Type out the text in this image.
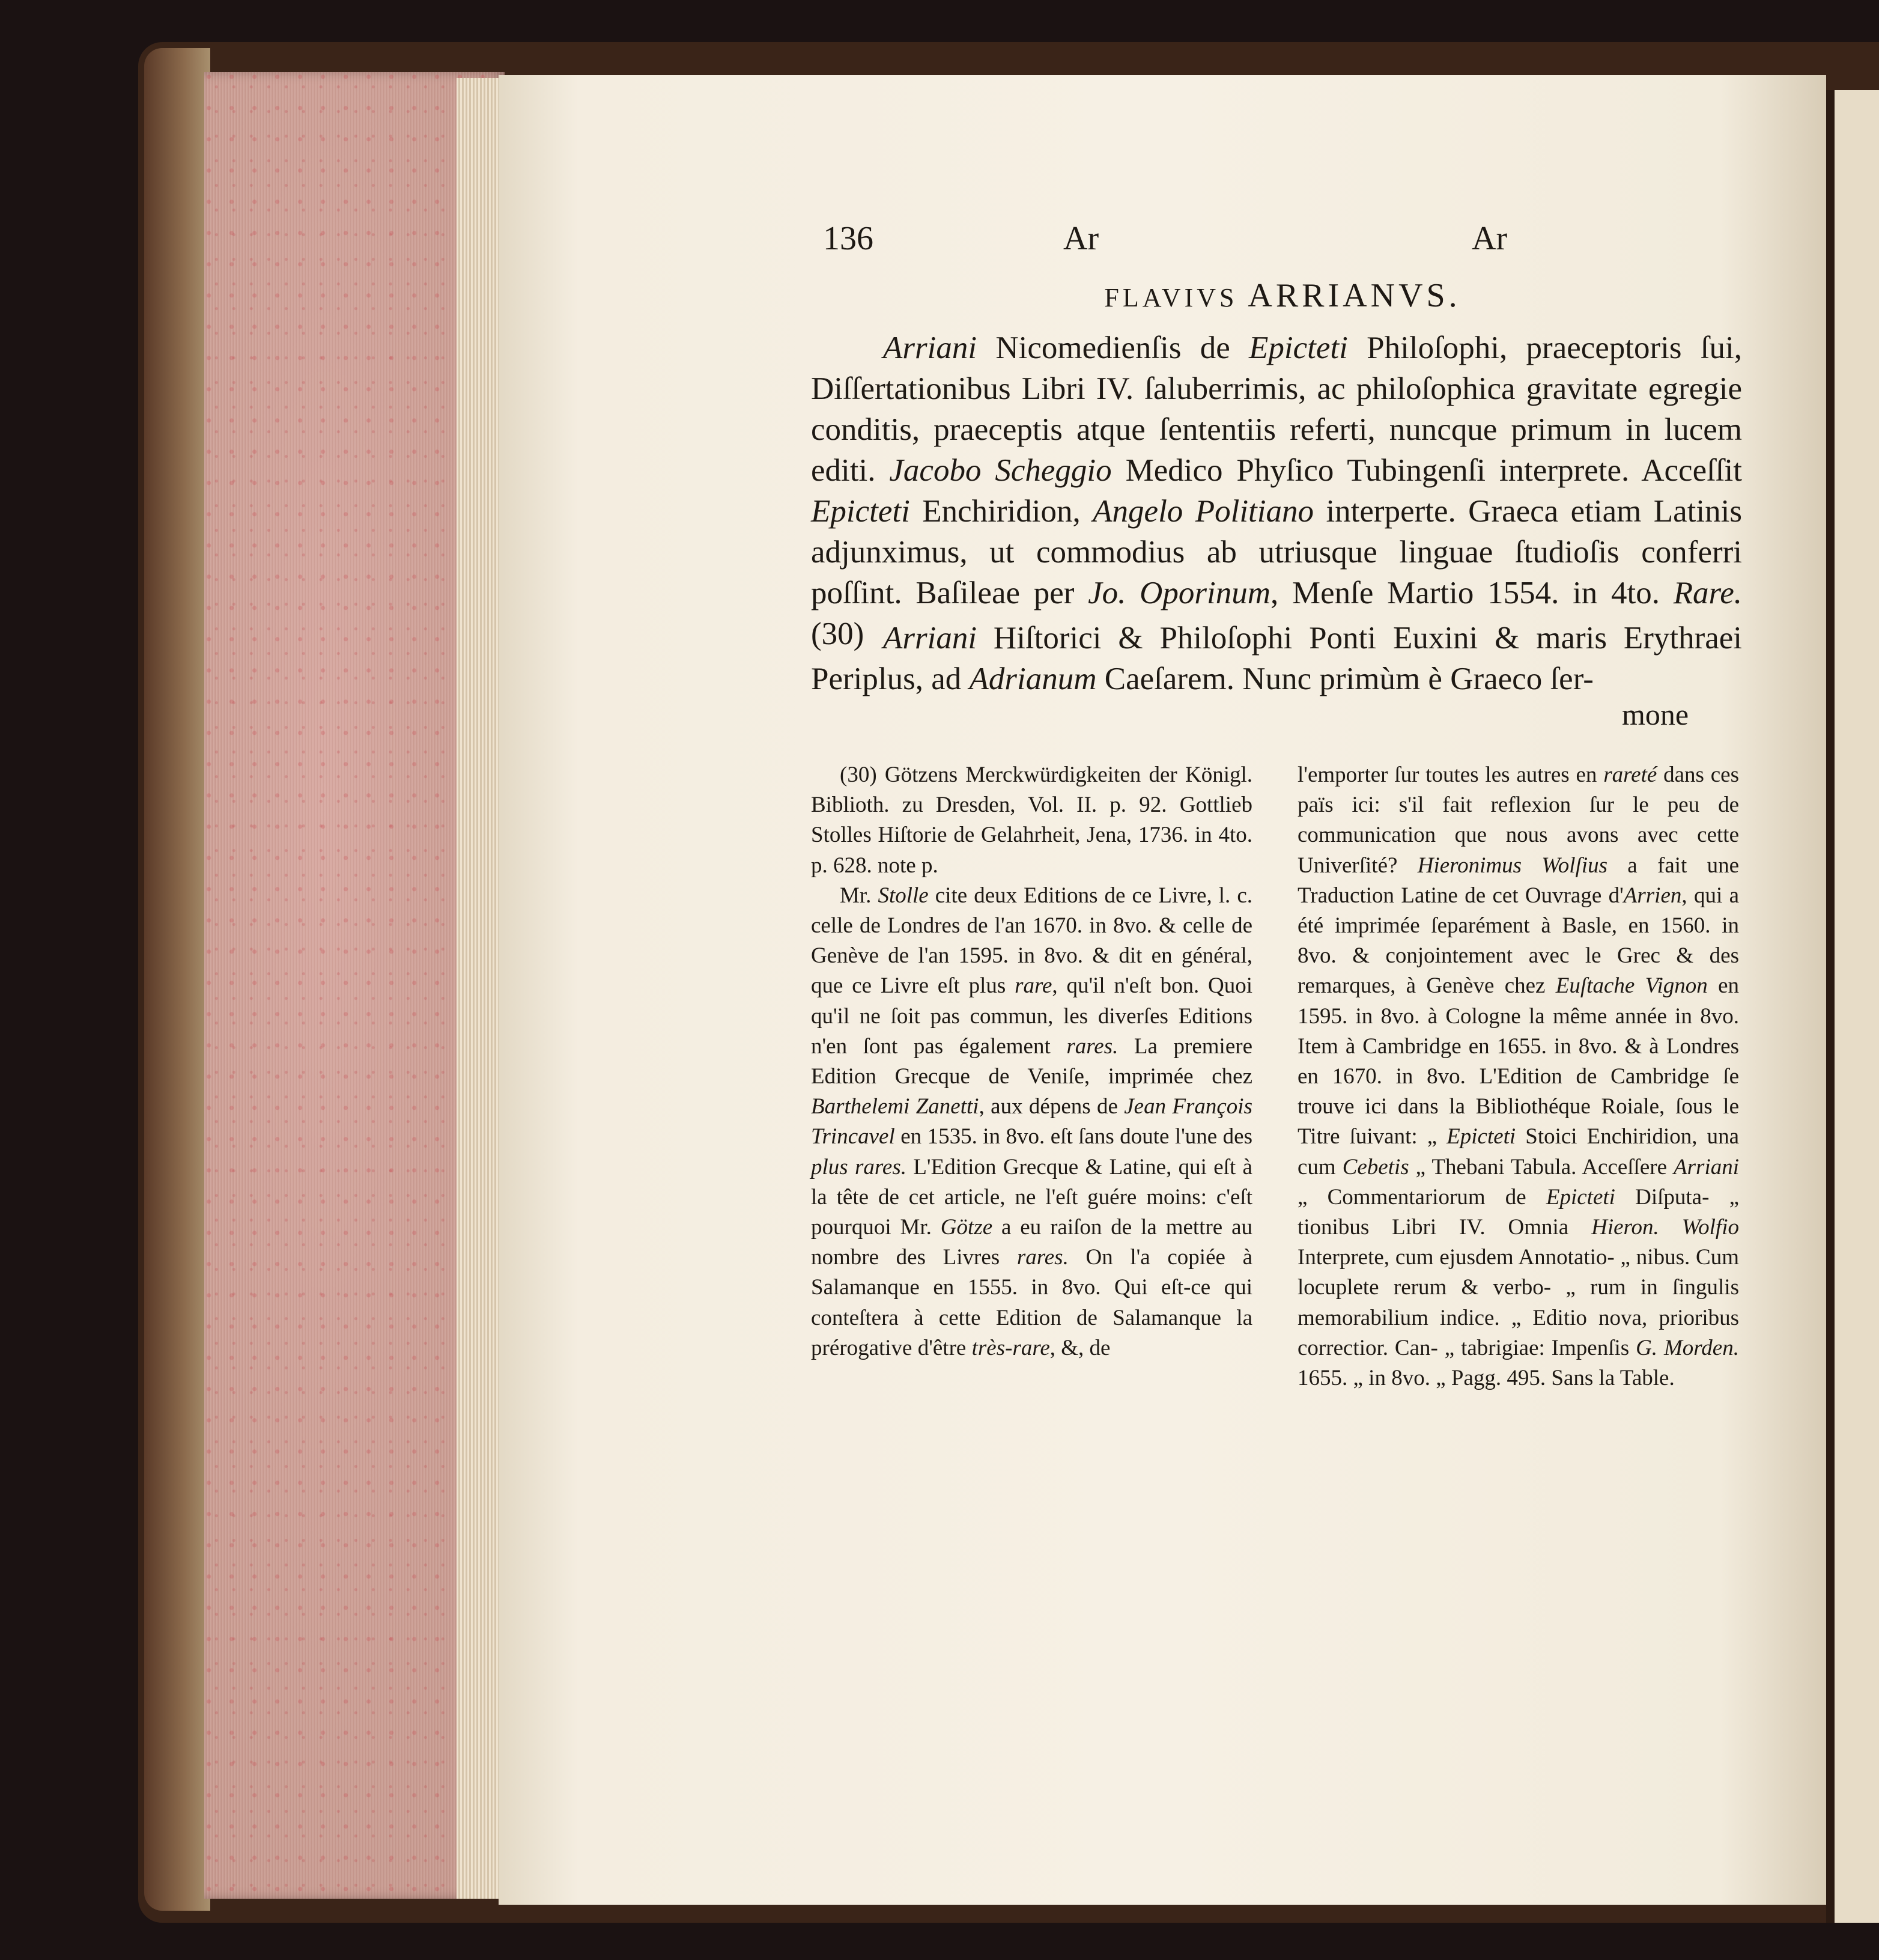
136	Ar	Ar
FLAVIVS ARRIANVS.
Arriani Nicomedienſis de Epicteti Philoſophi, praeceptoris ſui, Diſſertationibus Libri IV. ſaluberrimis, ac philoſophica gravitate egregie conditis, praeceptis atque ſententiis referti, nuncque primum in lucem editi. Jacobo Scheggio Medico Phyſico Tubingenſi interprete. Acceſſit Epicteti Enchiridion, Angelo Politiano interperte. Graeca etiam Latinis adjunximus, ut commodius ab utriusque linguae ſtudioſis conferri poſſint. Baſileae per Jo. Oporinum, Menſe Martio 1554. in 4to. Rare. (30) Arriani Hiſtorici & Philoſophi Ponti Euxini & maris Erythraei Periplus, ad Adrianum Caeſarem. Nunc primùm è Graeco ſer-
mone

(30) Götzens Merckwürdigkeiten der Königl. Biblioth. zu Dresden, Vol. II. p. 92. Gottlieb Stolles Hiſtorie de Gelahrheit, Jena, 1736. in 4to. p. 628. note p.

Mr. Stolle cite deux Editions de ce Livre, l. c. celle de Londres de l'an 1670. in 8vo. & celle de Genève de l'an 1595. in 8vo. & dit en général, que ce Livre eſt plus rare, qu'il n'eſt bon. Quoi qu'il ne ſoit pas commun, les diverſes Editions n'en ſont pas également rares. La premiere Edition Grecque de Veniſe, imprimée chez Barthelemi Zanetti, aux dépens de Jean François Trincavel en 1535. in 8vo. eſt ſans doute l'une des plus rares. L'Edition Grecque & Latine, qui eſt à la tête de cet article, ne l'eſt guére moins: c'eſt pourquoi Mr. Götze a eu raiſon de la mettre au nombre des Livres rares. On l'a copiée à Salamanque en 1555. in 8vo. Qui eſt-ce qui conteſtera à cette Edition de Salamanque la prérogative d'être très-rare, &, de

l'emporter ſur toutes les autres en rareté dans ces païs ici: s'il fait reflexion ſur le peu de communication que nous avons avec cette Univerſité? Hieronimus Wolſius a fait une Traduction Latine de cet Ouvrage d'Arrien, qui a été imprimée ſeparément à Basle, en 1560. in 8vo. & conjointement avec le Grec & des remarques, à Genève chez Euſtache Vignon en 1595. in 8vo. à Cologne la même année in 8vo. Item à Cambridge en 1655. in 8vo. & à Londres en 1670. in 8vo. L'Edition de Cambridge ſe trouve ici dans la Bibliothéque Roiale, ſous le Titre ſuivant: „ Epicteti Stoici Enchiridion, una cum Cebetis „ Thebani Tabula. Acceſſere Arriani „ Commentariorum de Epicteti Diſputa- „ tionibus Libri IV. Omnia Hieron. Wolfio Interprete, cum ejusdem Annotatio- „ nibus. Cum locuplete rerum & verbo- „ rum in ſingulis memorabilium indice. „ Editio nova, prioribus correctior. Can- „ tabrigiae: Impenſis G. Morden. 1655. „ in 8vo. „ Pagg. 495. Sans la Table.
